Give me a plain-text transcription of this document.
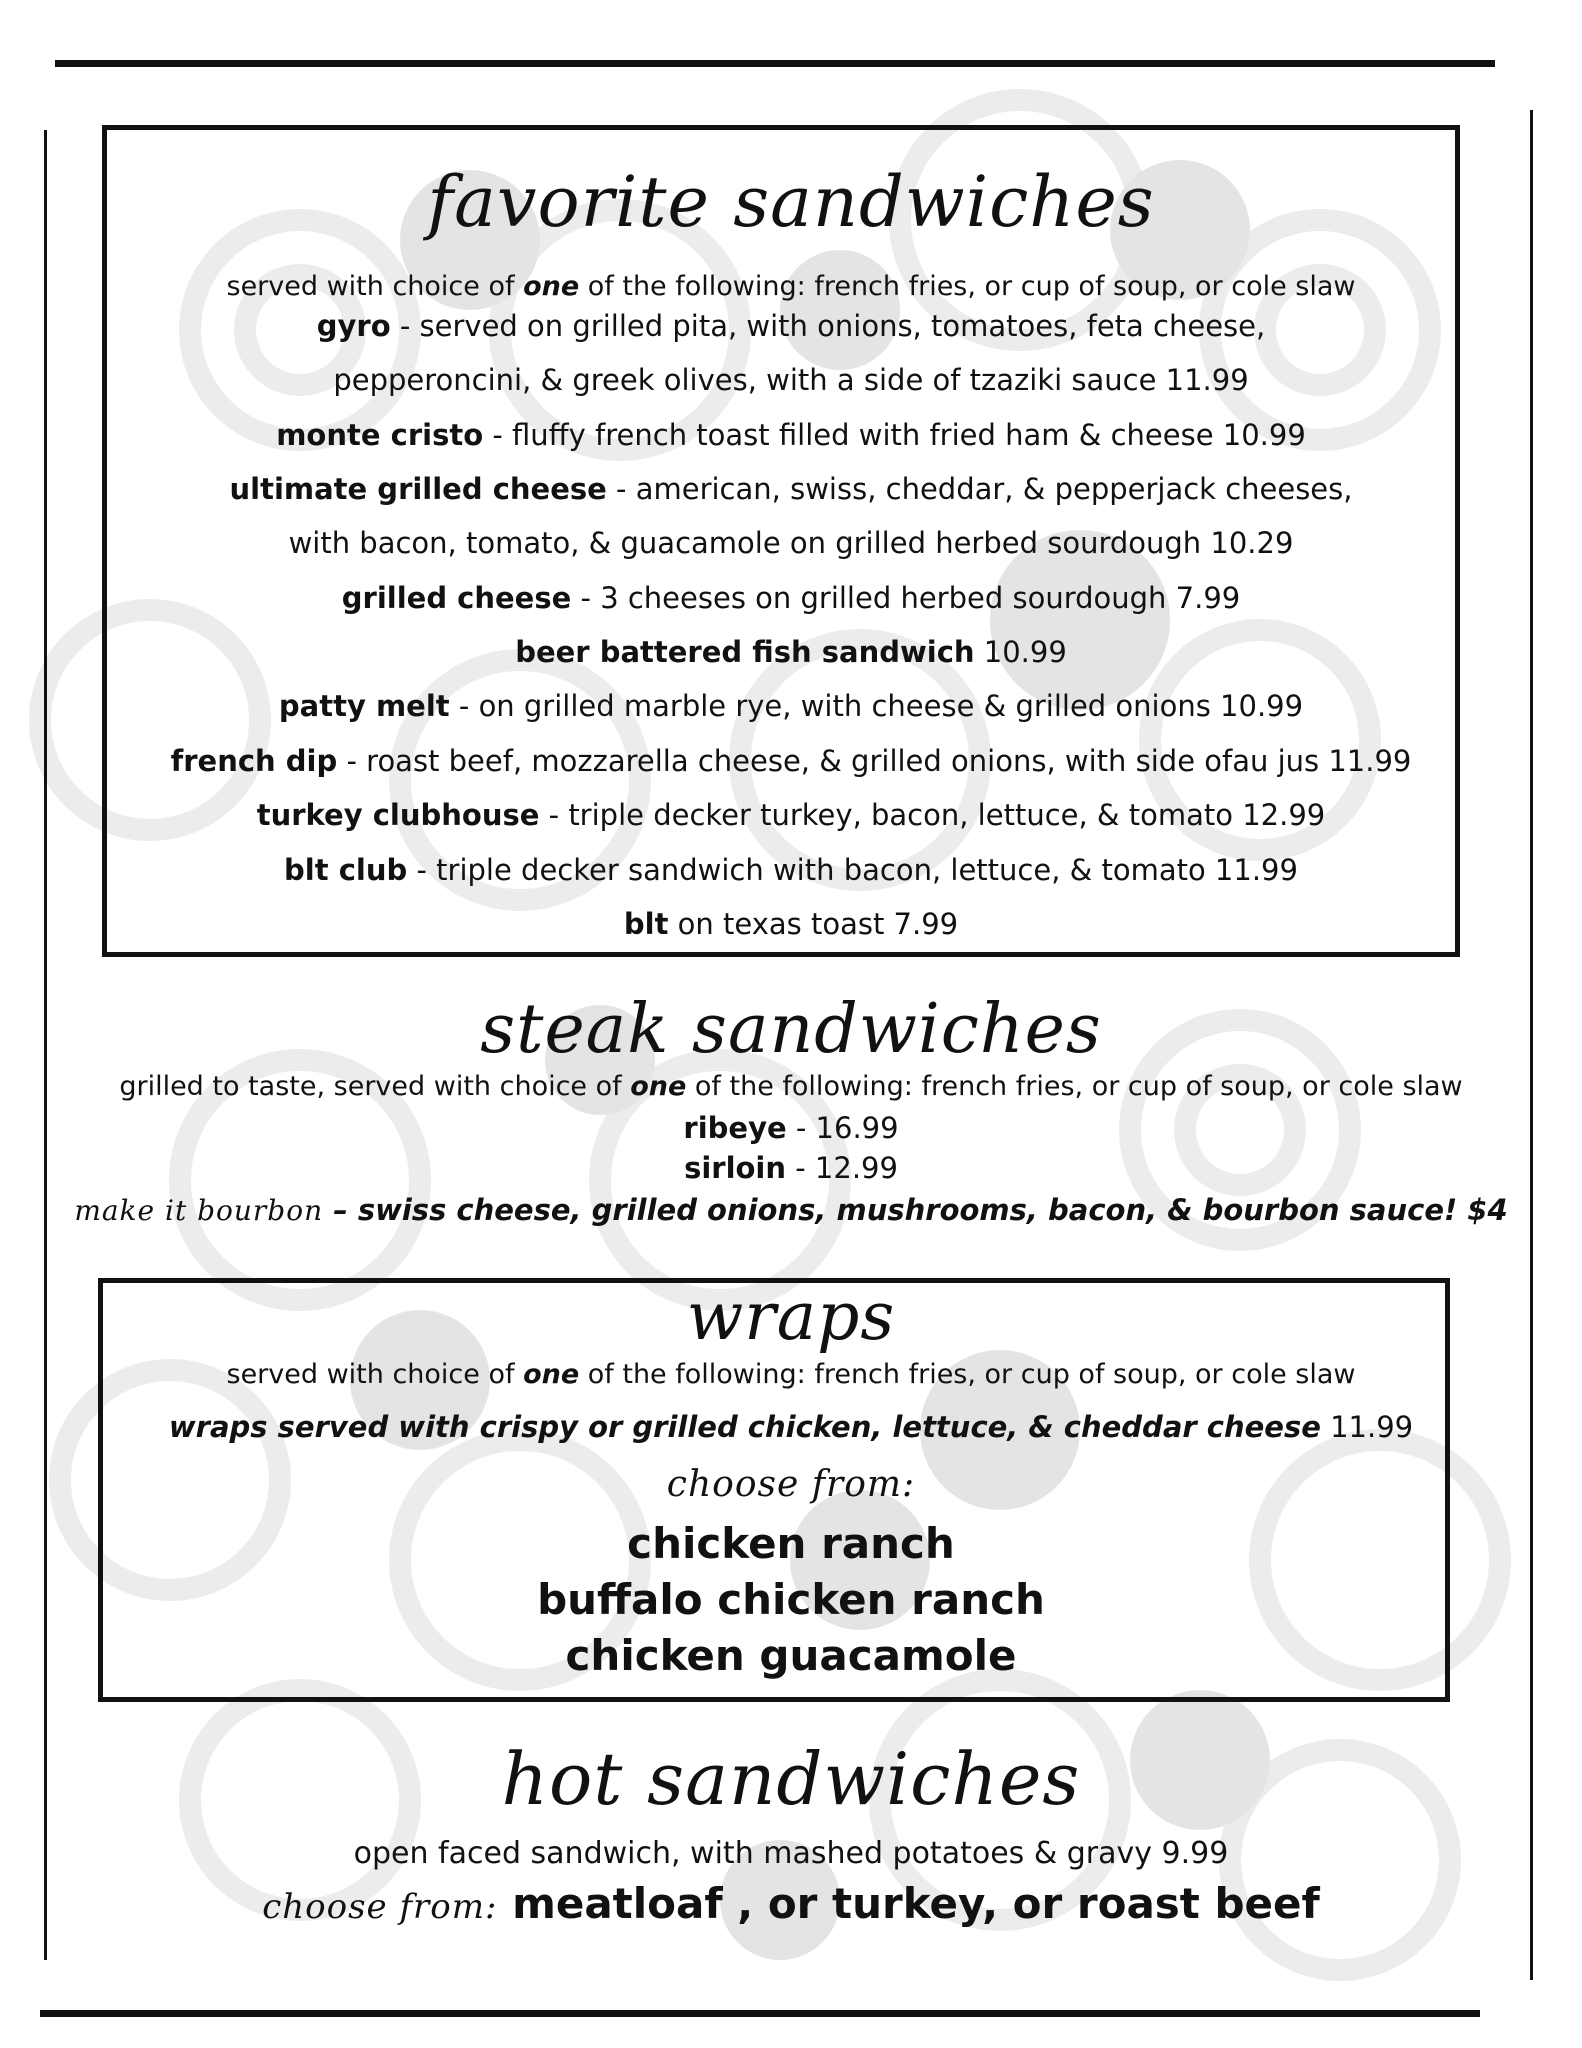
favorite sandwiches
served with choice of one of the following: french fries, or cup of soup, or cole slaw
gyro - served on grilled pita, with onions, tomatoes, feta cheese,
pepperoncini, & greek olives, with a side of tzaziki sauce 11.99
monte cristo - fluffy french toast filled with fried ham & cheese 10.99
ultimate grilled cheese - american, swiss, cheddar, & pepperjack cheeses,
with bacon, tomato, & guacamole on grilled herbed sourdough 10.29
grilled cheese - 3 cheeses on grilled herbed sourdough 7.99
beer battered fish sandwich 10.99
patty melt - on grilled marble rye, with cheese & grilled onions 10.99
french dip - roast beef, mozzarella cheese, & grilled onions, with side ofau jus 11.99
turkey clubhouse - triple decker turkey, bacon, lettuce, & tomato 12.99
blt club - triple decker sandwich with bacon, lettuce, & tomato 11.99
blt on texas toast 7.99
steak sandwiches
grilled to taste, served with choice of one of the following: french fries, or cup of soup, or cole slaw
ribeye - 16.99
sirloin - 12.99
make it bourbon – swiss cheese, grilled onions, mushrooms, bacon, & bourbon sauce! $4
wraps
served with choice of one of the following: french fries, or cup of soup, or cole slaw
wraps served with crispy or grilled chicken, lettuce, & cheddar cheese 11.99
choose from:
chicken ranch
buffalo chicken ranch
chicken guacamole
hot sandwiches
open faced sandwich, with mashed potatoes & gravy 9.99
choose from: meatloaf , or turkey, or roast beef
